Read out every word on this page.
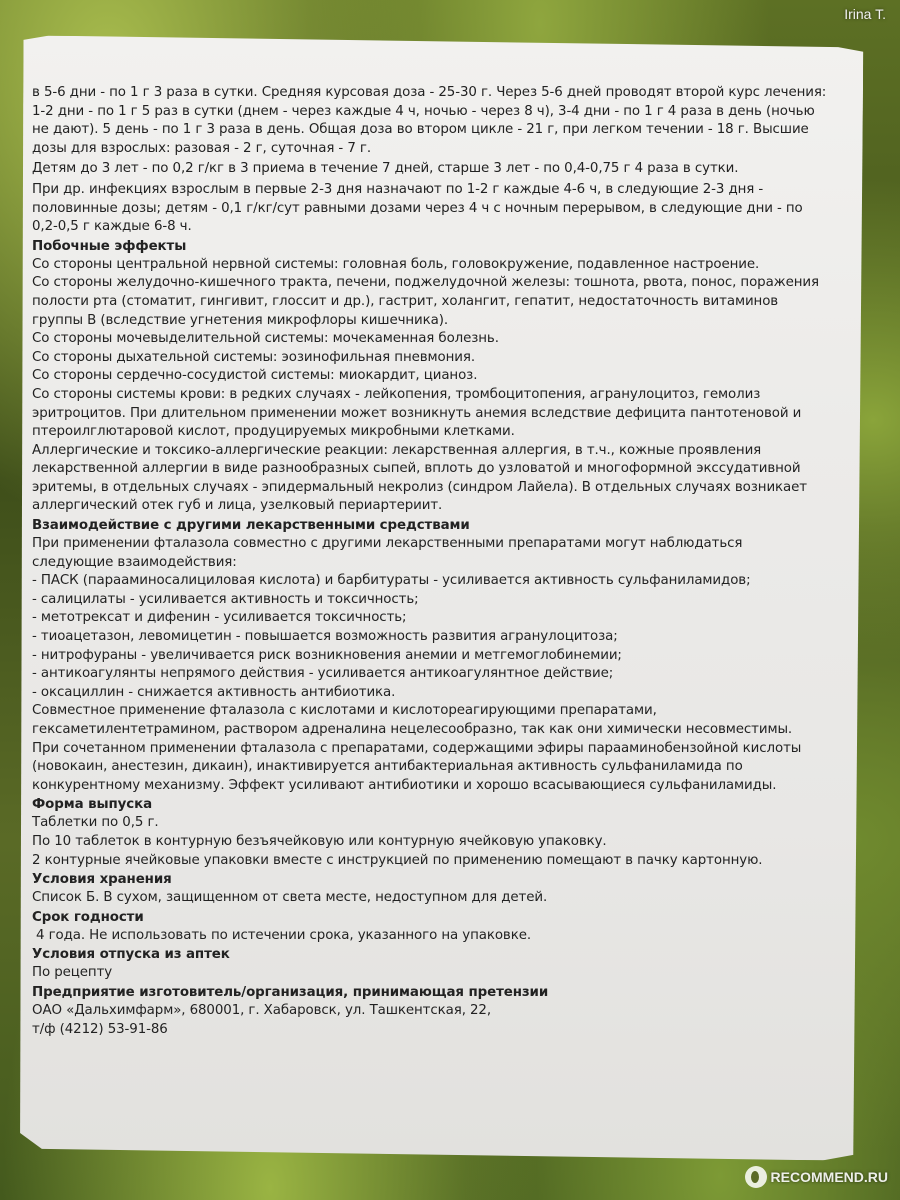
Irina T.

в 5-6 дни - по 1 г 3 раза в сутки. Средняя курсовая доза - 25-30 г. Через 5-6 дней проводят второй курс лечения: 1-2 дни - по 1 г 5 раз в сутки (днем - через каждые 4 ч, ночью - через 8 ч), 3-4 дни - по 1 г 4 раза в день (ночью не дают). 5 день - по 1 г 3 раза в день. Общая доза во втором цикле - 21 г, при легком течении - 18 г. Высшие дозы для взрослых: разовая - 2 г, суточная - 7 г.

Детям до 3 лет - по 0,2 г/кг в 3 приема в течение 7 дней, старше 3 лет - по 0,4-0,75 г 4 раза в сутки.

При др. инфекциях взрослым в первые 2-3 дня назначают по 1-2 г каждые 4-6 ч, в следующие 2-3 дня - половинные дозы; детям - 0,1 г/кг/сут равными дозами через 4 ч с ночным перерывом, в следующие дни - по 0,2-0,5 г каждые 6-8 ч.

Побочные эффекты

Со стороны центральной нервной системы: головная боль, головокружение, подавленное настроение.

Со стороны желудочно-кишечного тракта, печени, поджелудочной железы: тошнота, рвота, понос, поражения полости рта (стоматит, гингивит, глоссит и др.), гастрит, холангит, гепатит, недостаточность витаминов группы В (вследствие угнетения микрофлоры кишечника).

Со стороны мочевыделительной системы: мочекаменная болезнь.

Со стороны дыхательной системы: эозинофильная пневмония.

Со стороны сердечно-сосудистой системы: миокардит, цианоз.

Со стороны системы крови: в редких случаях - лейкопения, тромбоцитопения, агранулоцитоз, гемолиз эритроцитов. При длительном применении может возникнуть анемия вследствие дефицита пантотеновой и птероилглютаровой кислот, продуцируемых микробными клетками.

Аллергические и токсико-аллергические реакции: лекарственная аллергия, в т.ч., кожные проявления лекарственной аллергии в виде разнообразных сыпей, вплоть до узловатой и многоформной экссудативной эритемы, в отдельных случаях - эпидермальный некролиз (синдром Лайела). В отдельных случаях возникает аллергический отек губ и лица, узелковый периартериит.

Взаимодействие с другими лекарственными средствами

При применении фталазола совместно с другими лекарственными препаратами могут наблюдаться следующие взаимодействия:

- ПАСК (парааминосалициловая кислота) и барбитураты - усиливается активность сульфаниламидов;

- салицилаты - усиливается активность и токсичность;

- метотрексат и дифенин - усиливается токсичность;

- тиоацетазон, левомицетин - повышается возможность развития агранулоцитоза;

- нитрофураны - увеличивается риск возникновения анемии и метгемоглобинемии;

- антикоагулянты непрямого действия - усиливается антикоагулянтное действие;

- оксациллин - снижается активность антибиотика.

Совместное применение фталазола с кислотами и кислотореагирующими препаратами, гексаметилентетрамином, раствором адреналина нецелесообразно, так как они химически несовместимы.

При сочетанном применении фталазола с препаратами, содержащими эфиры парааминобензойной кислоты (новокаин, анестезин, дикаин), инактивируется антибактериальная активность сульфаниламида по конкурентному механизму. Эффект усиливают антибиотики и хорошо всасывающиеся сульфаниламиды.

Форма выпуска

Таблетки по 0,5 г.

По 10 таблеток в контурную безъячейковую или контурную ячейковую упаковку.

2 контурные ячейковые упаковки вместе с инструкцией по применению помещают в пачку картонную.

Условия хранения

Список Б. В сухом, защищенном от света месте, недоступном для детей.

Срок годности

4 года. Не использовать по истечении срока, указанного на упаковке.

Условия отпуска из аптек

По рецепту

Предприятие изготовитель/организация, принимающая претензии

ОАО «Дальхимфарм», 680001, г. Хабаровск, ул. Ташкентская, 22,

т/ф (4212) 53-91-86

RECOMMEND.RU
